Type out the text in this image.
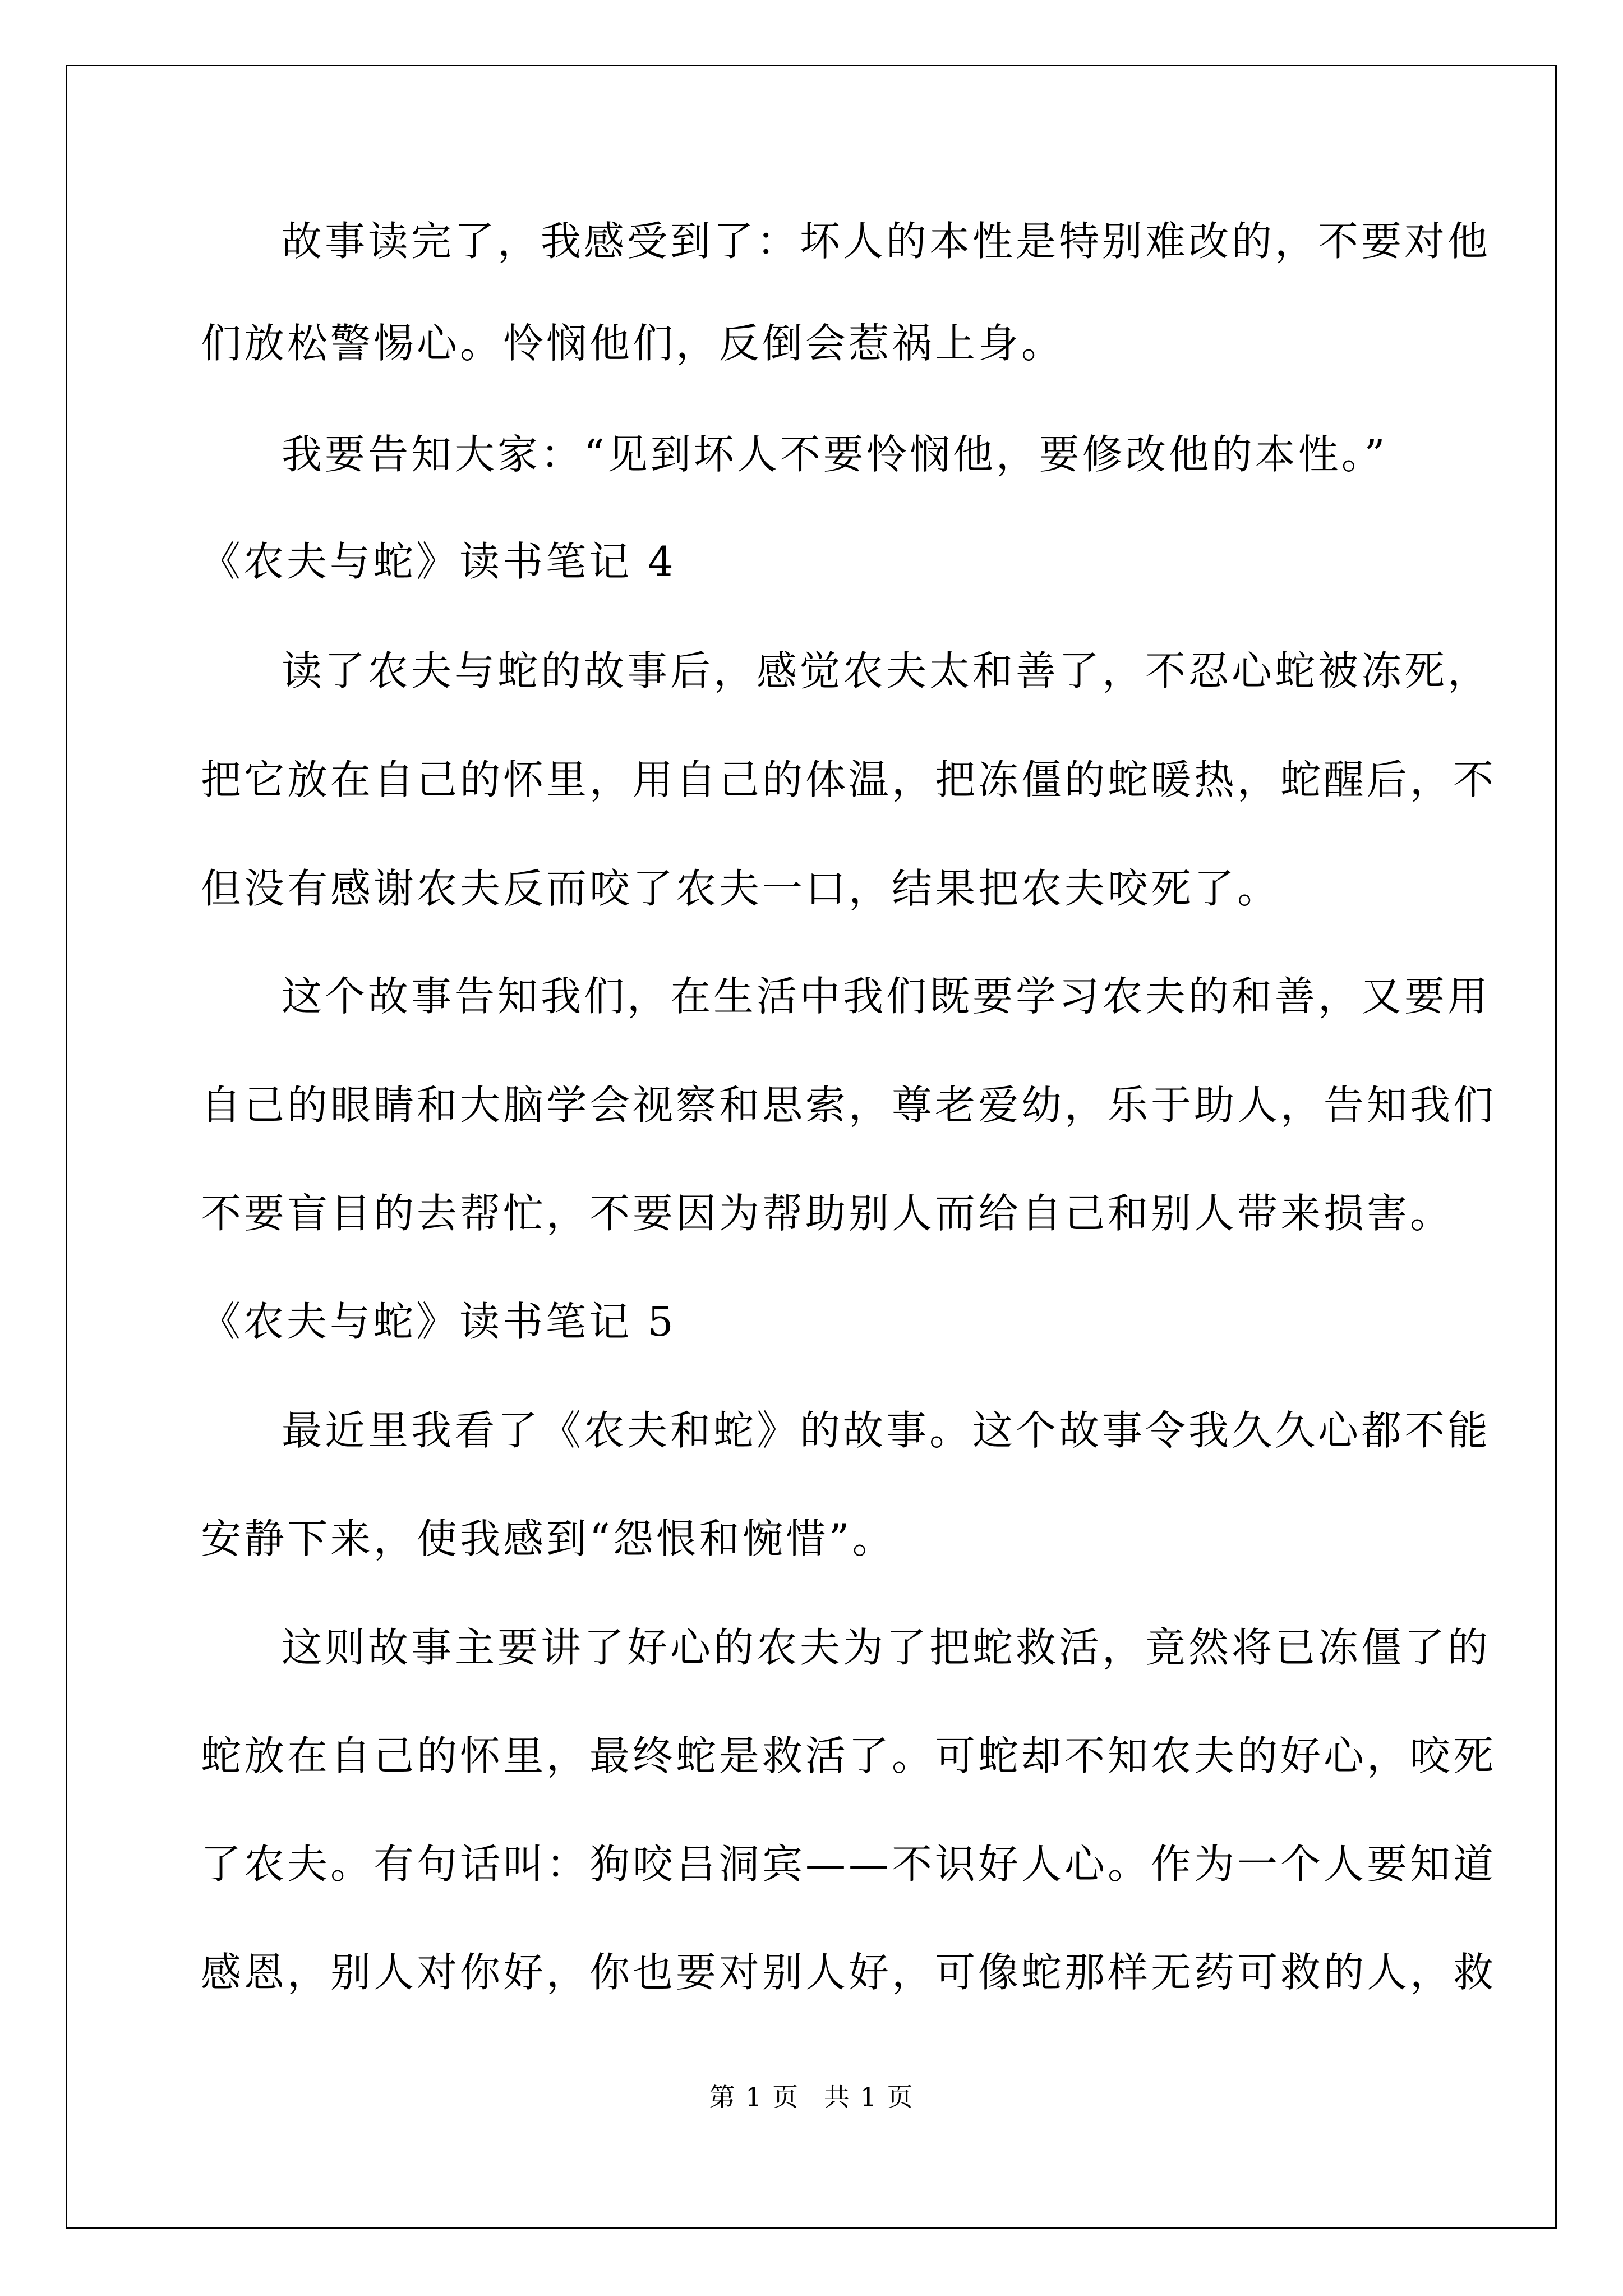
故事读完了，我感受到了：坏人的本性是特别难改的，不要对他
们放松警惕心。怜悯他们，反倒会惹祸上身。
我要告知大家：“见到坏人不要怜悯他，要修改他的本性。”
《农夫与蛇》读书笔记 4
读了农夫与蛇的故事后，感觉农夫太和善了，不忍心蛇被冻死，
把它放在自己的怀里，用自己的体温，把冻僵的蛇暖热，蛇醒后，不
但没有感谢农夫反而咬了农夫一口，结果把农夫咬死了。
这个故事告知我们，在生活中我们既要学习农夫的和善，又要用
自己的眼睛和大脑学会视察和思索，尊老爱幼，乐于助人，告知我们
不要盲目的去帮忙，不要因为帮助别人而给自己和别人带来损害。
《农夫与蛇》读书笔记 5
最近里我看了《农夫和蛇》的故事。这个故事令我久久心都不能
安静下来，使我感到“怨恨和惋惜”。
这则故事主要讲了好心的农夫为了把蛇救活，竟然将已冻僵了的
蛇放在自己的怀里，最终蛇是救活了。可蛇却不知农夫的好心，咬死
了农夫。有句话叫：狗咬吕洞宾——不识好人心。作为一个人要知道
感恩，别人对你好，你也要对别人好，可像蛇那样无药可救的人，救
第 1 页 共 1 页
